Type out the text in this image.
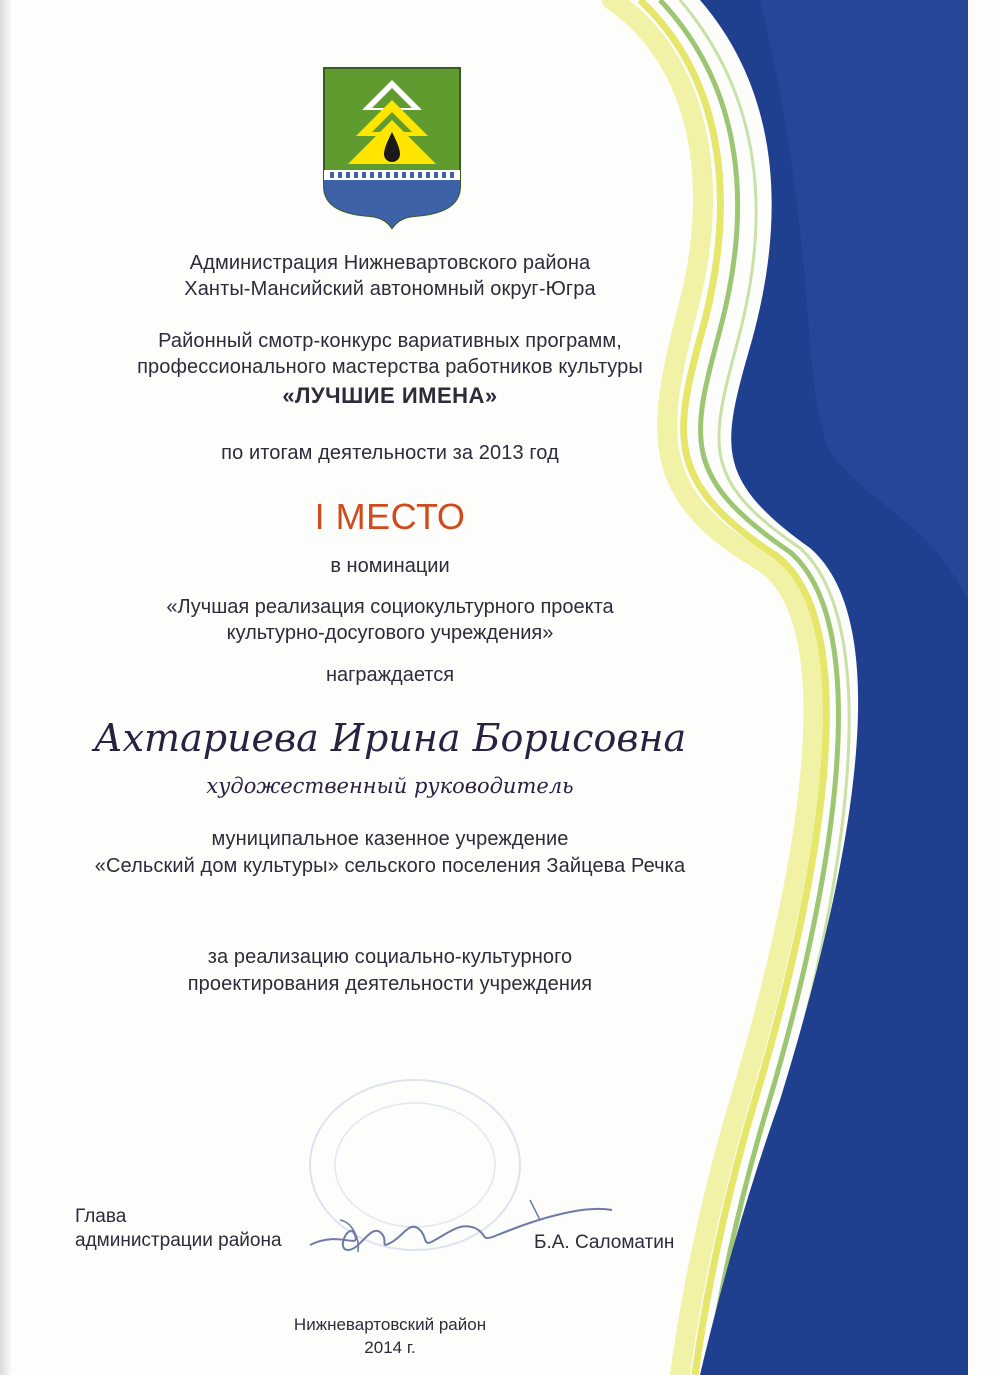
Администрация Нижневартовского района

Ханты-Мансийский автономный округ-Югра

Районный смотр-конкурс вариативных программ,

профессионального мастерства работников культуры

«ЛУЧШИЕ ИМЕНА»

по итогам деятельности за 2013 год

I МЕСТО

в номинации

«Лучшая реализация социокультурного проекта

культурно-досугового учреждения»

награждается

Ахтариева Ирина Борисовна

художественный руководитель

муниципальное казенное учреждение

«Сельский дом культуры» сельского поселения Зайцева Речка

за реализацию социально-культурного

проектирования деятельности учреждения

Глава

администрации района	Б.А. Саломатин

Нижневартовский район

2014 г.
